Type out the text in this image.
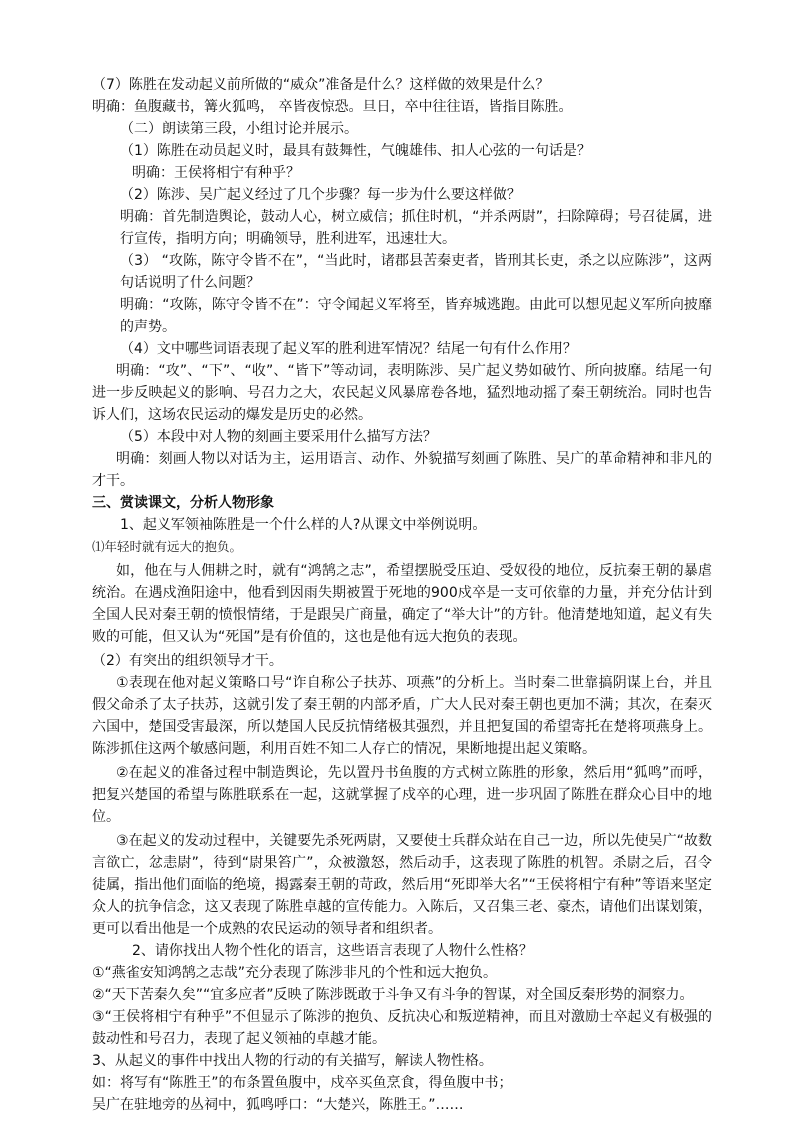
（7）陈胜在发动起义前所做的“威众”准备是什么？这样做的效果是什么？

明确：鱼腹藏书，篝火狐鸣， 卒皆夜惊恐。旦日，卒中往往语，皆指目陈胜。

（二）朗读第三段，小组讨论并展示。

（1）陈胜在动员起义时，最具有鼓舞性，气魄雄伟、扣人心弦的一句话是？

明确：王侯将相宁有种乎？

（2）陈涉、吴广起义经过了几个步骤？每一步为什么要这样做？

明确：首先制造舆论，鼓动人心，树立威信；抓住时机，“并杀两尉”，扫除障碍；号召徒属，进行宣传，指明方向；明确领导，胜利进军，迅速壮大。

（3） “攻陈，陈守令皆不在”，“当此时，诸郡县苦秦吏者，皆刑其长吏，杀之以应陈涉”，这两句话说明了什么问题？

明确：“攻陈，陈守令皆不在”：守令闻起义军将至，皆弃城逃跑。由此可以想见起义军所向披靡的声势。

（4）文中哪些词语表现了起义军的胜利进军情况？结尾一句有什么作用？

明确：“攻”、“下”、“收”、“皆下”等动词，表明陈涉、吴广起义势如破竹、所向披靡。结尾一句进一步反映起义的影响、号召力之大，农民起义风暴席卷各地，猛烈地动摇了秦王朝统治。同时也告诉人们，这场农民运动的爆发是历史的必然。

（5）本段中对人物的刻画主要采用什么描写方法？

明确：刻画人物以对话为主，运用语言、动作、外貌描写刻画了陈胜、吴广的革命精神和非凡的才干。

三、赏读课文，分析人物形象

1、起义军领袖陈胜是一个什么样的人?从课文中举例说明。

⑴年轻时就有远大的抱负。

如，他在与人佣耕之时，就有“鸿鹄之志”，希望摆脱受压迫、受奴役的地位，反抗秦王朝的暴虐统治。在遇戍渔阳途中，他看到因雨失期被置于死地的900戍卒是一支可依靠的力量，并充分估计到全国人民对秦王朝的愤恨情绪，于是跟吴广商量，确定了“举大计”的方针。他清楚地知道，起义有失败的可能，但又认为“死国”是有价值的，这也是他有远大抱负的表现。

（2）有突出的组织领导才干。

①表现在他对起义策略口号“诈自称公子扶苏、项燕”的分析上。当时秦二世靠搞阴谋上台，并且假父命杀了太子扶苏，这就引发了秦王朝的内部矛盾，广大人民对秦王朝也更加不满；其次，在秦灭六国中，楚国受害最深，所以楚国人民反抗情绪极其强烈，并且把复国的希望寄托在楚将项燕身上。陈涉抓住这两个敏感问题，利用百姓不知二人存亡的情况，果断地提出起义策略。

②在起义的准备过程中制造舆论，先以置丹书鱼腹的方式树立陈胜的形象，然后用“狐鸣”而呼，把复兴楚国的希望与陈胜联系在一起，这就掌握了戍卒的心理，进一步巩固了陈胜在群众心目中的地位。

③在起义的发动过程中，关键要先杀死两尉，又要使士兵群众站在自己一边，所以先使吴广“故数言欲亡，忿恚尉”，待到“尉果笞广”，众被激怒，然后动手，这表现了陈胜的机智。杀尉之后，召令徒属，指出他们面临的绝境，揭露秦王朝的苛政，然后用“死即举大名”“王侯将相宁有种”等语来坚定众人的抗争信念，这又表现了陈胜卓越的宣传能力。入陈后，又召集三老、豪杰，请他们出谋划策，更可以看出他是一个成熟的农民运动的领导者和组织者。

2、请你找出人物个性化的语言，这些语言表现了人物什么性格？

①“燕雀安知鸿鹄之志哉”充分表现了陈涉非凡的个性和远大抱负。

②“天下苦秦久矣”“宜多应者”反映了陈涉既敢于斗争又有斗争的智谋，对全国反秦形势的洞察力。

③“王侯将相宁有种乎”不但显示了陈涉的抱负、反抗决心和叛逆精神，而且对激励士卒起义有极强的鼓动性和号召力，表现了起义领袖的卓越才能。

3、从起义的事件中找出人物的行动的有关描写，解读人物性格。

如：将写有“陈胜王”的布条置鱼腹中，戍卒买鱼烹食，得鱼腹中书；

吴广在驻地旁的丛祠中，狐鸣呼口：“大楚兴，陈胜王。”……
